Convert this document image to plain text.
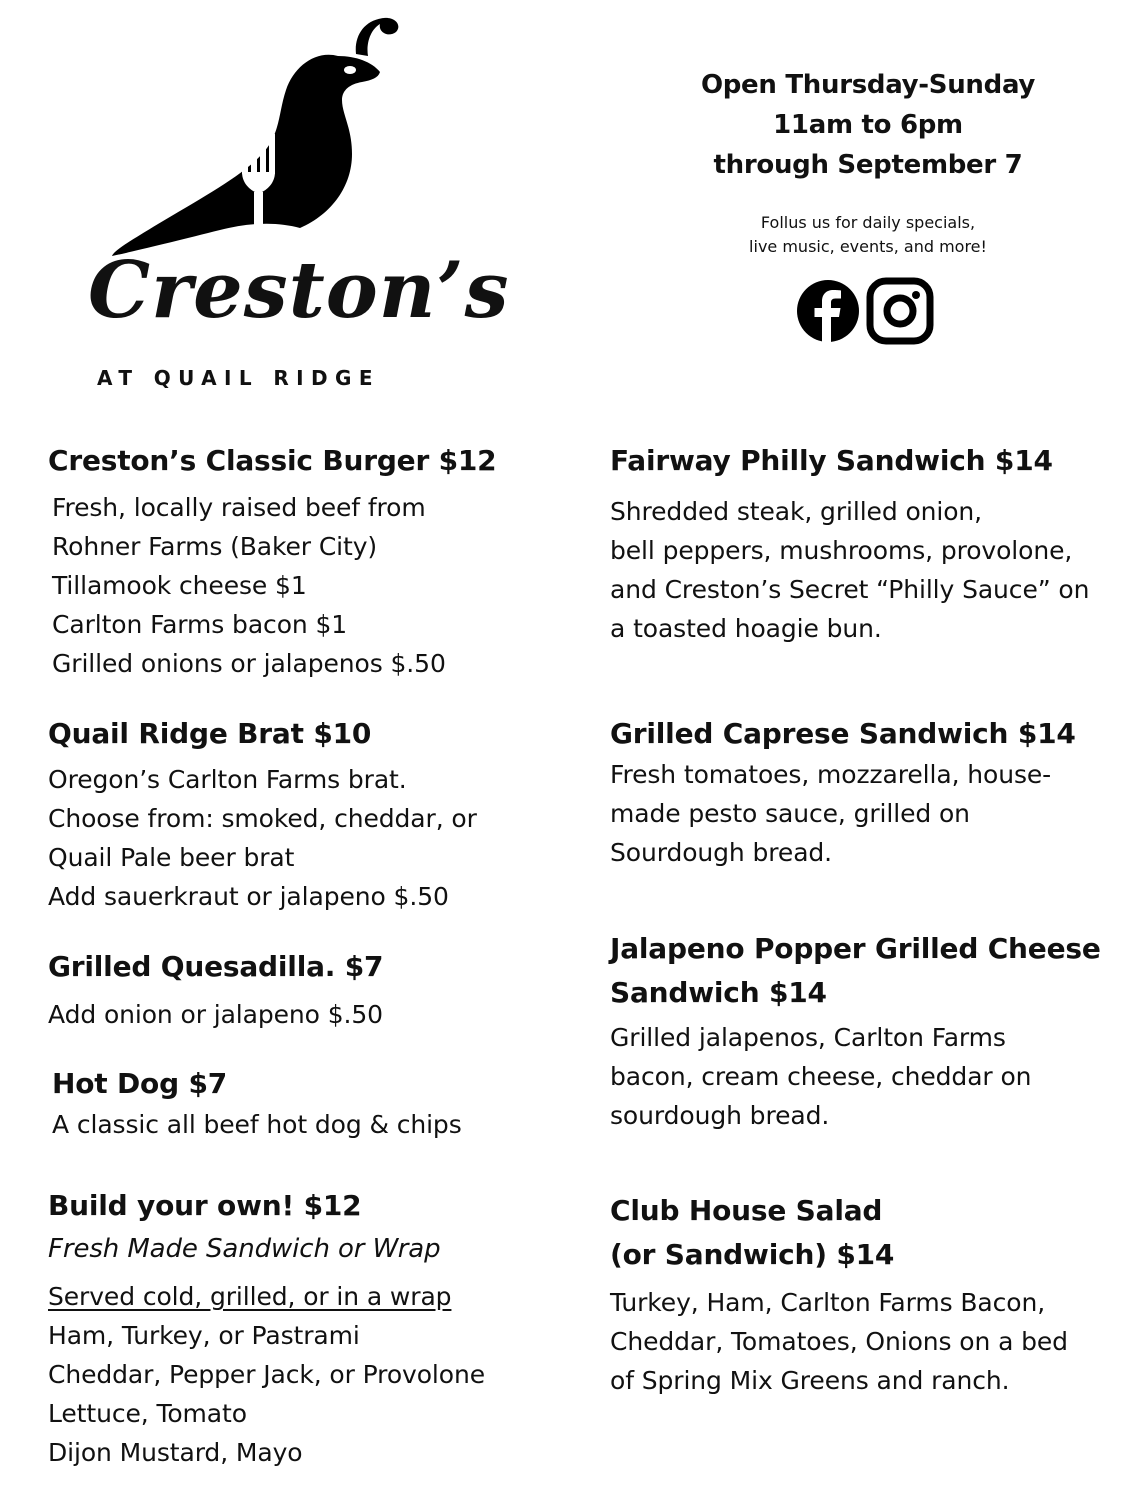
Creston’s
AT QUAIL RIDGE
Open Thursday-Sunday
11am to 6pm
through September 7
Follus us for daily specials,
live music, events, and more!
Creston’s Classic Burger $12
Fresh, locally raised beef from
Rohner Farms (Baker City)
Tillamook cheese $1
Carlton Farms bacon $1
Grilled onions or jalapenos $.50
Quail Ridge Brat $10
Oregon’s Carlton Farms brat.
Choose from: smoked, cheddar, or
Quail Pale beer brat
Add sauerkraut or jalapeno $.50
Grilled Quesadilla. $7
Add onion or jalapeno $.50
Hot Dog $7
A classic all beef hot dog & chips
Build your own! $12
Fresh Made Sandwich or Wrap
Served cold, grilled, or in a wrap
Ham, Turkey, or Pastrami
Cheddar, Pepper Jack, or Provolone
Lettuce, Tomato
Dijon Mustard, Mayo
Fairway Philly Sandwich $14
Shredded steak, grilled onion,
bell peppers, mushrooms, provolone,
and Creston’s Secret “Philly Sauce” on
a toasted hoagie bun.
Grilled Caprese Sandwich $14
Fresh tomatoes, mozzarella, house-
made pesto sauce, grilled on
Sourdough bread.
Jalapeno Popper Grilled Cheese
Sandwich $14
Grilled jalapenos, Carlton Farms
bacon, cream cheese, cheddar on
sourdough bread.
Club House Salad
(or Sandwich) $14
Turkey, Ham, Carlton Farms Bacon,
Cheddar, Tomatoes, Onions on a bed
of Spring Mix Greens and ranch.
